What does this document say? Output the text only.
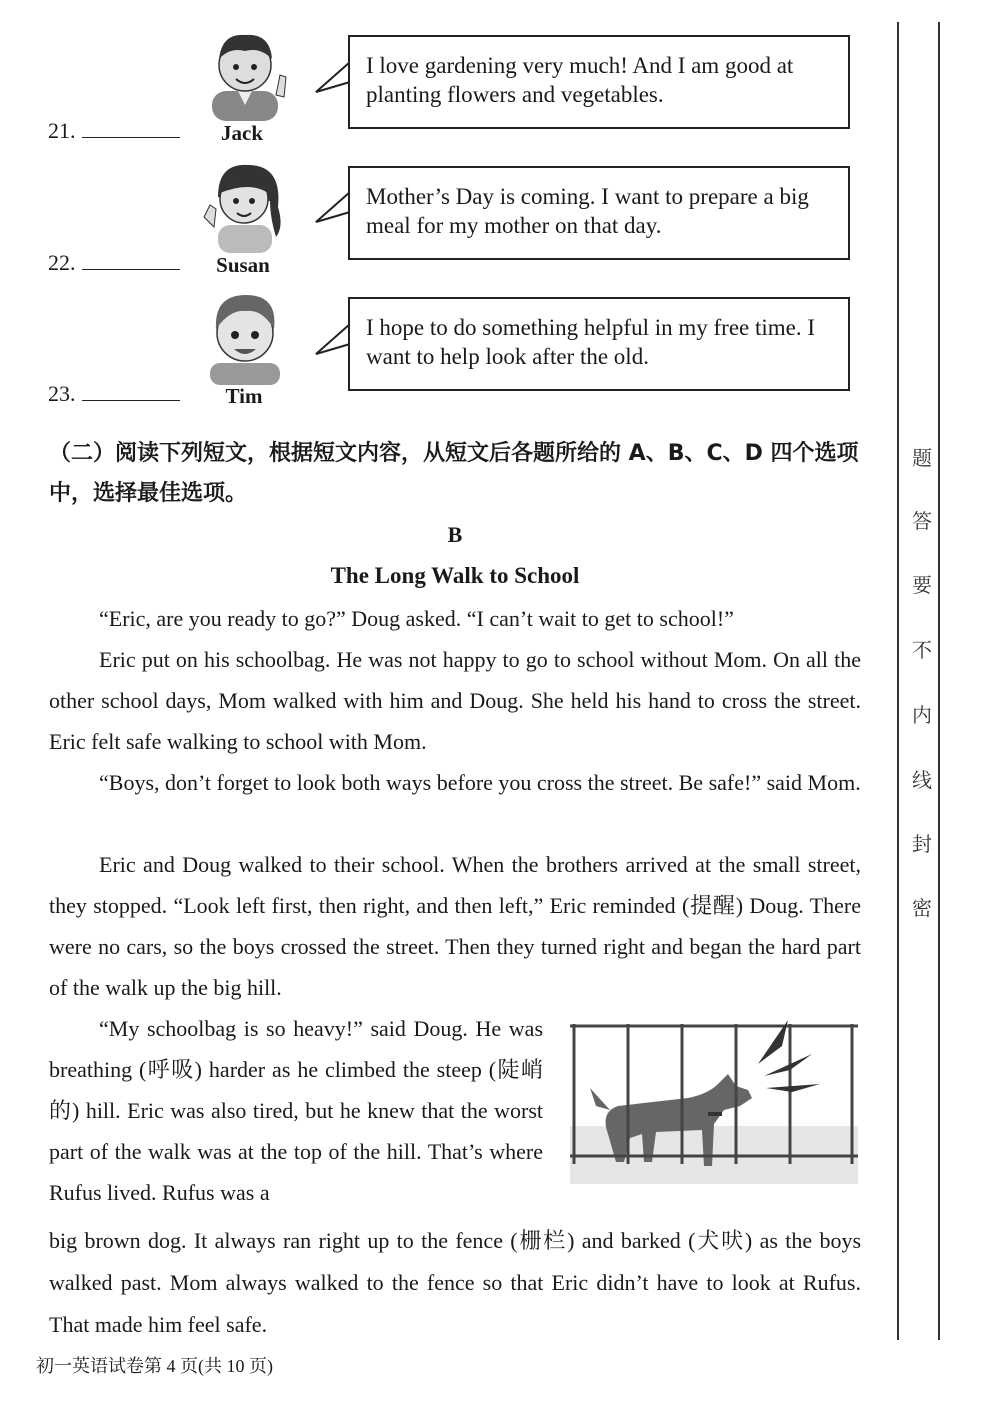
21.	Jack
I love gardening very much! And I am good at planting flowers and vegetables.
22.	Susan
Mother’s Day is coming. I want to prepare a big meal for my mother on that day.
23.	Tim
I hope to do something helpful in my free time. I want to help look after the old.
（二）阅读下列短文，根据短文内容，从短文后各题所给的 A、B、C、D 四个选项中，选择最佳选项。
B
The Long Walk to School
“Eric, are you ready to go?” Doug asked. “I can’t wait to get to school!”
Eric put on his schoolbag. He was not happy to go to school without Mom. On all the other school days, Mom walked with him and Doug. She held his hand to cross the street. Eric felt safe walking to school with Mom.
“Boys, don’t forget to look both ways before you cross the street. Be safe!” said Mom.
Eric and Doug walked to their school. When the brothers arrived at the small street, they stopped. “Look left first, then right, and then left,” Eric reminded (提醒) Doug. There were no cars, so the boys crossed the street. Then they turned right and began the hard part of the walk up the big hill.
“My schoolbag is so heavy!” said Doug. He was breathing (呼吸) harder as he climbed the steep (陡峭的) hill. Eric was also tired, but he knew that the worst part of the walk was at the top of the hill. That’s where Rufus lived. Rufus was a
big brown dog. It always ran right up to the fence (栅栏) and barked (犬吠) as the boys walked past. Mom always walked to the fence so that Eric didn’t have to look at Rufus. That made him feel safe.
题
答
要
不
内
线
封
密
初一英语试卷第 4 页(共 10 页)
